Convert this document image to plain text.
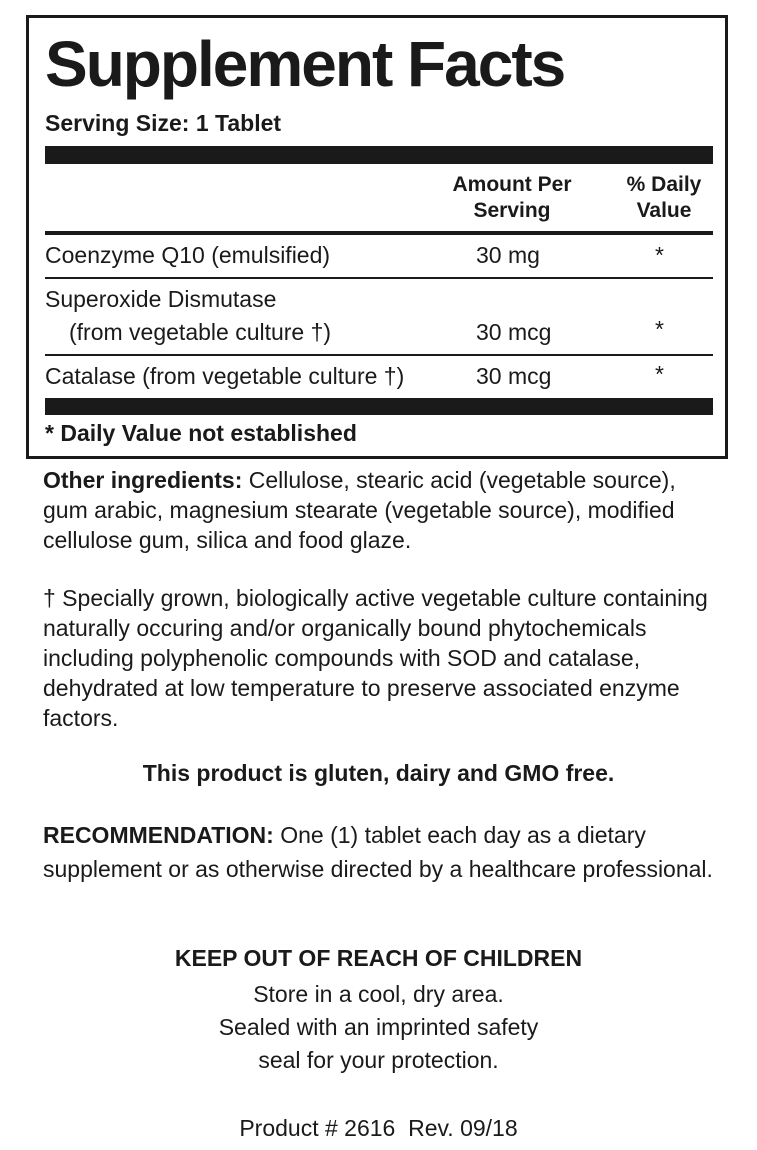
Supplement Facts
Serving Size: 1 Tablet
Amount Per Serving
% Daily Value
Coenzyme Q10 (emulsified)	30 mg	*
Superoxide Dismutase
(from vegetable culture †)	30 mcg	*
Catalase (from vegetable culture †)	30 mcg	*
* Daily Value not established

Other ingredients: Cellulose, stearic acid (vegetable source), gum arabic, magnesium stearate (vegetable source), modified cellulose gum, silica and food glaze.

† Specially grown, biologically active vegetable culture containing naturally occuring and/or organically bound phytochemicals including polyphenolic compounds with SOD and catalase, dehydrated at low temperature to preserve associated enzyme factors.

This product is gluten, dairy and GMO free.

RECOMMENDATION: One (1) tablet each day as a dietary supplement or as otherwise directed by a healthcare professional.

KEEP OUT OF REACH OF CHILDREN
Store in a cool, dry area.
Sealed with an imprinted safety
seal for your protection.
Product # 2616  Rev. 09/18
